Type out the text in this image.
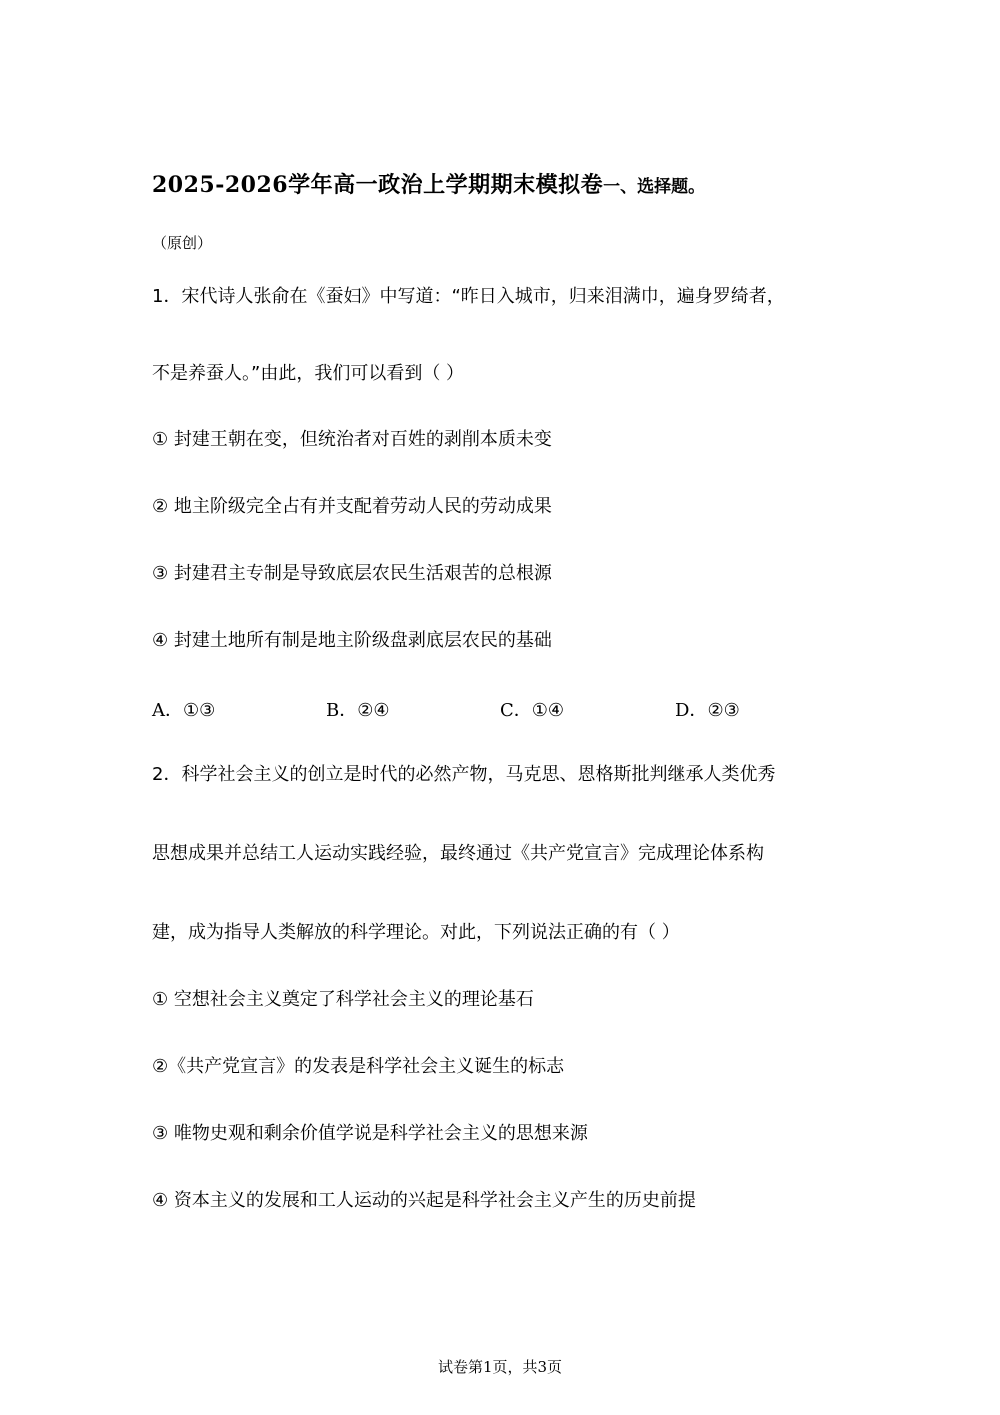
2025-2026学年高一政治上学期期末模拟卷一、选择题。
（原创）
1．宋代诗人张俞在《蚕妇》中写道：“昨日入城市，归来泪满巾，遍身罗绮者，
不是养蚕人。”由此，我们可以看到（ ）
① 封建王朝在变，但统治者对百姓的剥削本质未变
② 地主阶级完全占有并支配着劳动人民的劳动成果
③ 封建君主专制是导致底层农民生活艰苦的总根源
④ 封建土地所有制是地主阶级盘剥底层农民的基础
A．①③	B．②④	C．①④	D．②③
2．科学社会主义的创立是时代的必然产物，马克思、恩格斯批判继承人类优秀
思想成果并总结工人运动实践经验，最终通过《共产党宣言》完成理论体系构
建，成为指导人类解放的科学理论。对此，下列说法正确的有（ ）
① 空想社会主义奠定了科学社会主义的理论基石
②《共产党宣言》的发表是科学社会主义诞生的标志
③ 唯物史观和剩余价值学说是科学社会主义的思想来源
④ 资本主义的发展和工人运动的兴起是科学社会主义产生的历史前提
试卷第1页，共3页
